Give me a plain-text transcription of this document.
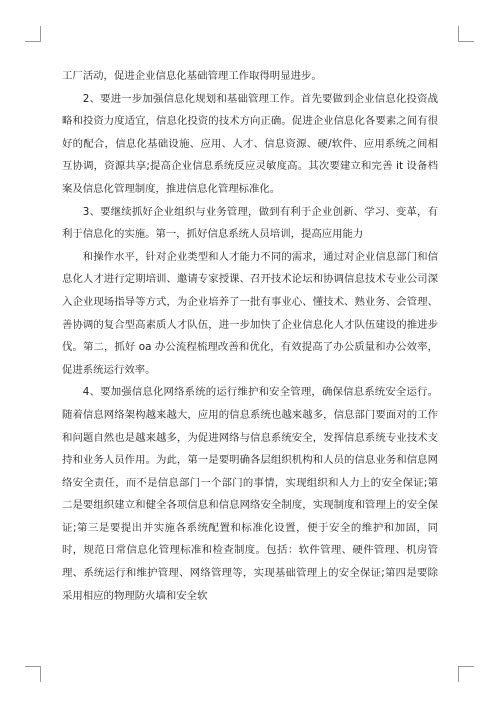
工厂活动，促进企业信息化基础管理工作取得明显进步。

2、要进一步加强信息化规划和基础管理工作。首先要做到企业信息化投资战略和投资力度适宜，信息化投资的技术方向正确。促进企业信息化各要素之间有很好的配合，信息化基础设施、应用、人才、信息资源、硬/软件、应用系统之间相互协调，资源共享;提高企业信息系统反应灵敏度高。其次要建立和完善 it 设备档案及信息化管理制度，推进信息化管理标准化。

3、要继续抓好企业组织与业务管理，做到有利于企业创新、学习、变革，有利于信息化的实施。第一，抓好信息系统人员培训，提高应用能力

和操作水平，针对企业类型和人才能力不同的需求，通过对企业信息部门和信息化人才进行定期培训、邀请专家授课、召开技术论坛和协调信息技术专业公司深入企业现场指导等方式，为企业培养了一批有事业心、懂技术、熟业务、会管理、善协调的复合型高素质人才队伍，进一步加快了企业信息化人才队伍建设的推进步伐。第二，抓好 oa 办公流程梳理改善和优化，有效提高了办公质量和办公效率，促进系统运行效率。

4、要加强信息化网络系统的运行维护和安全管理，确保信息系统安全运行。随着信息网络架构越来越大，应用的信息系统也越来越多，信息部门要面对的工作和问题自然也是越来越多，为促进网络与信息系统安全，发挥信息系统专业技术支持和业务人员作用。为此，第一是要明确各层组织机构和人员的信息业务和信息网络安全责任，而不是信息部门一个部门的事情，实现组织和人力上的安全保证;第二是要组织建立和健全各项信息和信息网络安全制度，实现制度和管理上的安全保证;第三是要提出并实施各系统配置和标准化设置，便于安全的维护和加固，同时，规范日常信息化管理标准和检查制度。包括：软件管理、硬件管理、机房管理、系统运行和维护管理、网络管理等，实现基础管理上的安全保证;第四是要除采用相应的物理防火墙和安全软
